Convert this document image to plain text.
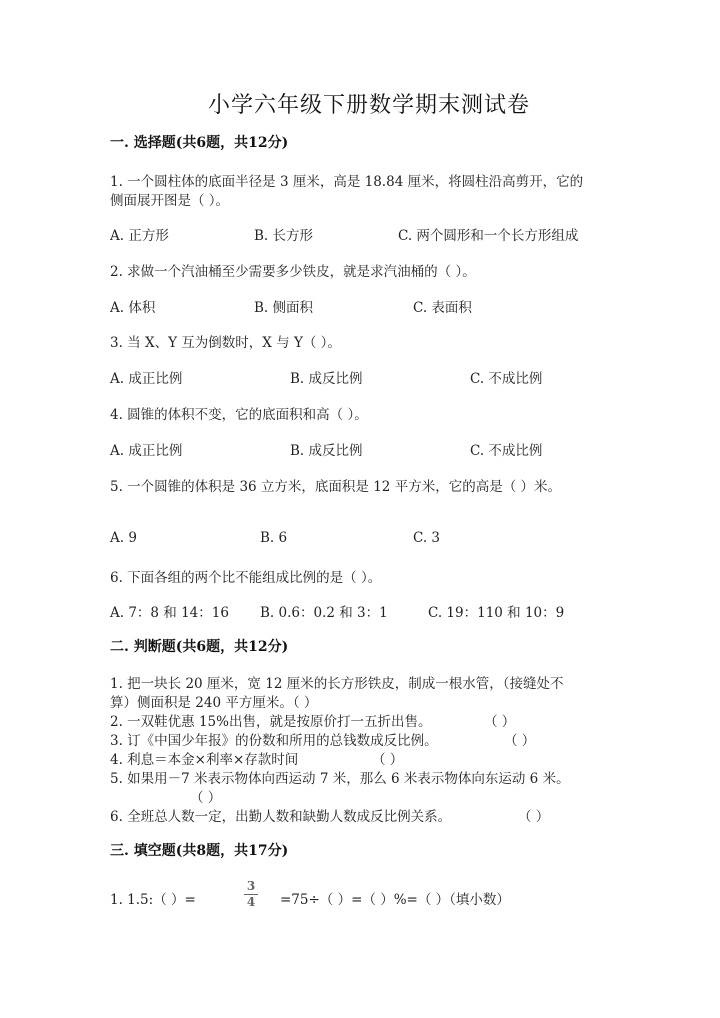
小学六年级下册数学期末测试卷
一. 选择题(共6题，共12分)
1. 一个圆柱体的底面半径是 3 厘米，高是 18.84 厘米，将圆柱沿高剪开，它的
侧面展开图是（ ）。
A. 正方形	B. 长方形	C. 两个圆形和一个长方形组成
2. 求做一个汽油桶至少需要多少铁皮，就是求汽油桶的（ ）。
A. 体积	B. 侧面积	C. 表面积
3. 当 X、Y 互为倒数时，X 与 Y（ ）。
A. 成正比例	B. 成反比例	C. 不成比例
4. 圆锥的体积不变，它的底面积和高（ ）。
A. 成正比例	B. 成反比例	C. 不成比例
5. 一个圆锥的体积是 36 立方米，底面积是 12 平方米，它的高是（ ）米。
A. 9	B. 6	C. 3
6. 下面各组的两个比不能组成比例的是（ ）。
A. 7：8 和 14：16 B. 0.6：0.2 和 3：1	C. 19：110 和 10：9
二. 判断题(共6题，共12分)
1. 把一块长 20 厘米，宽 12 厘米的长方形铁皮，制成一根水管，（接缝处不
算）侧面积是 240 平方厘米。（ ）
2. 一双鞋优惠 15%出售，就是按原价打一五折出售。	（ ）
3. 订《中国少年报》的份数和所用的总钱数成反比例。	（ ）
4. 利息＝本金×利率×存款时间	（ ）
5. 如果用－7 米表示物体向西运动 7 米，那么 6 米表示物体向东运动 6 米。
（ ）
6. 全班总人数一定，出勤人数和缺勤人数成反比例关系。	（ ）
三. 填空题(共8题，共17分)
1. 1.5:（ ）=
3
4 =75÷（ ）=（ ）%=（ ）（填小数）
